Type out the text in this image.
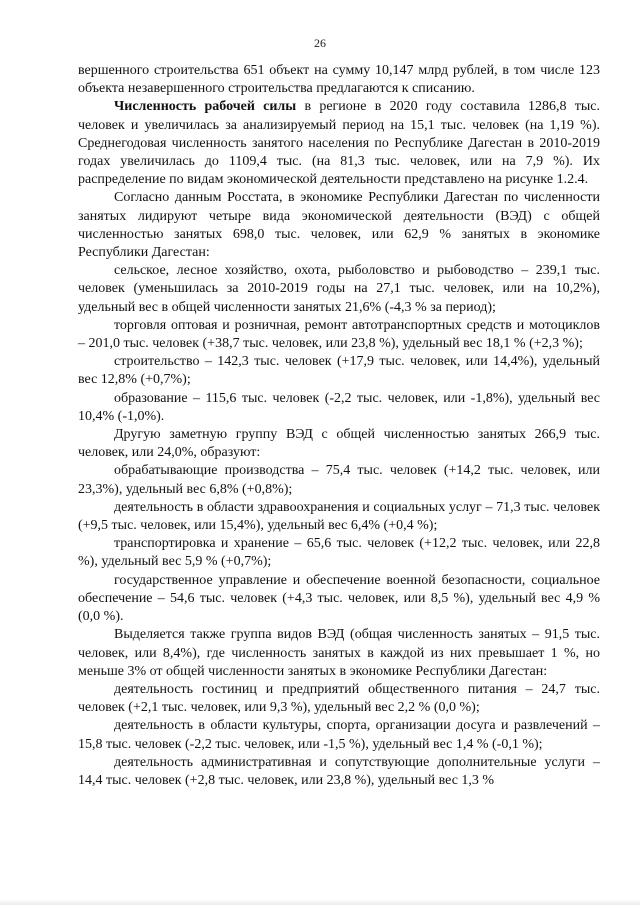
26

вершенного строительства 651 объект на сумму 10,147 млрд рублей, в том числе 123 объекта незавершенного строительства предлагаются к списанию.

Численность рабочей силы в регионе в 2020 году составила 1286,8 тыс. человек и увеличилась за анализируемый период на 15,1 тыс. человек (на 1,19 %). Среднегодовая численность занятого населения по Республике Дагестан в 2010-2019 годах увеличилась до 1109,4 тыс. (на 81,3 тыс. человек, или на 7,9 %). Их распределение по видам экономической деятельности представлено на рисунке 1.2.4.

Согласно данным Росстата, в экономике Республики Дагестан по численности занятых лидируют четыре вида экономической деятельности (ВЭД) с общей численностью занятых 698,0 тыс. человек, или 62,9 % занятых в экономике Республики Дагестан:

сельское, лесное хозяйство, охота, рыболовство и рыбоводство – 239,1 тыс. человек (уменьшилась за 2010-2019 годы на 27,1 тыс. человек, или на 10,2%), удельный вес в общей численности занятых 21,6% (-4,3 % за период);

торговля оптовая и розничная, ремонт автотранспортных средств и мотоциклов – 201,0 тыс. человек (+38,7 тыс. человек, или 23,8 %), удельный вес 18,1 % (+2,3 %);

строительство – 142,3 тыс. человек (+17,9 тыс. человек, или 14,4%), удельный вес 12,8% (+0,7%);

образование – 115,6 тыс. человек (-2,2 тыс. человек, или -1,8%), удельный вес 10,4% (-1,0%).

Другую заметную группу ВЭД с общей численностью занятых 266,9 тыс. человек, или 24,0%, образуют:

обрабатывающие производства – 75,4 тыс. человек (+14,2 тыс. человек, или 23,3%), удельный вес 6,8% (+0,8%);

деятельность в области здравоохранения и социальных услуг – 71,3 тыс. человек (+9,5 тыс. человек, или 15,4%), удельный вес 6,4% (+0,4 %);

транспортировка и хранение – 65,6 тыс. человек (+12,2 тыс. человек, или 22,8 %), удельный вес 5,9 % (+0,7%);

государственное управление и обеспечение военной безопасности, социальное обеспечение – 54,6 тыс. человек (+4,3 тыс. человек, или 8,5 %), удельный вес 4,9 % (0,0 %).

Выделяется также группа видов ВЭД (общая численность занятых – 91,5 тыс. человек, или 8,4%), где численность занятых в каждой из них превышает 1 %, но меньше 3% от общей численности занятых в экономике Республики Дагестан:

деятельность гостиниц и предприятий общественного питания – 24,7 тыс. человек (+2,1 тыс. человек, или 9,3 %), удельный вес 2,2 % (0,0 %);

деятельность в области культуры, спорта, организации досуга и развлечений – 15,8 тыс. человек (-2,2 тыс. человек, или -1,5 %), удельный вес 1,4 % (-0,1 %);

деятельность административная и сопутствующие дополнительные услуги – 14,4 тыс. человек (+2,8 тыс. человек, или 23,8 %), удельный вес 1,3 %
